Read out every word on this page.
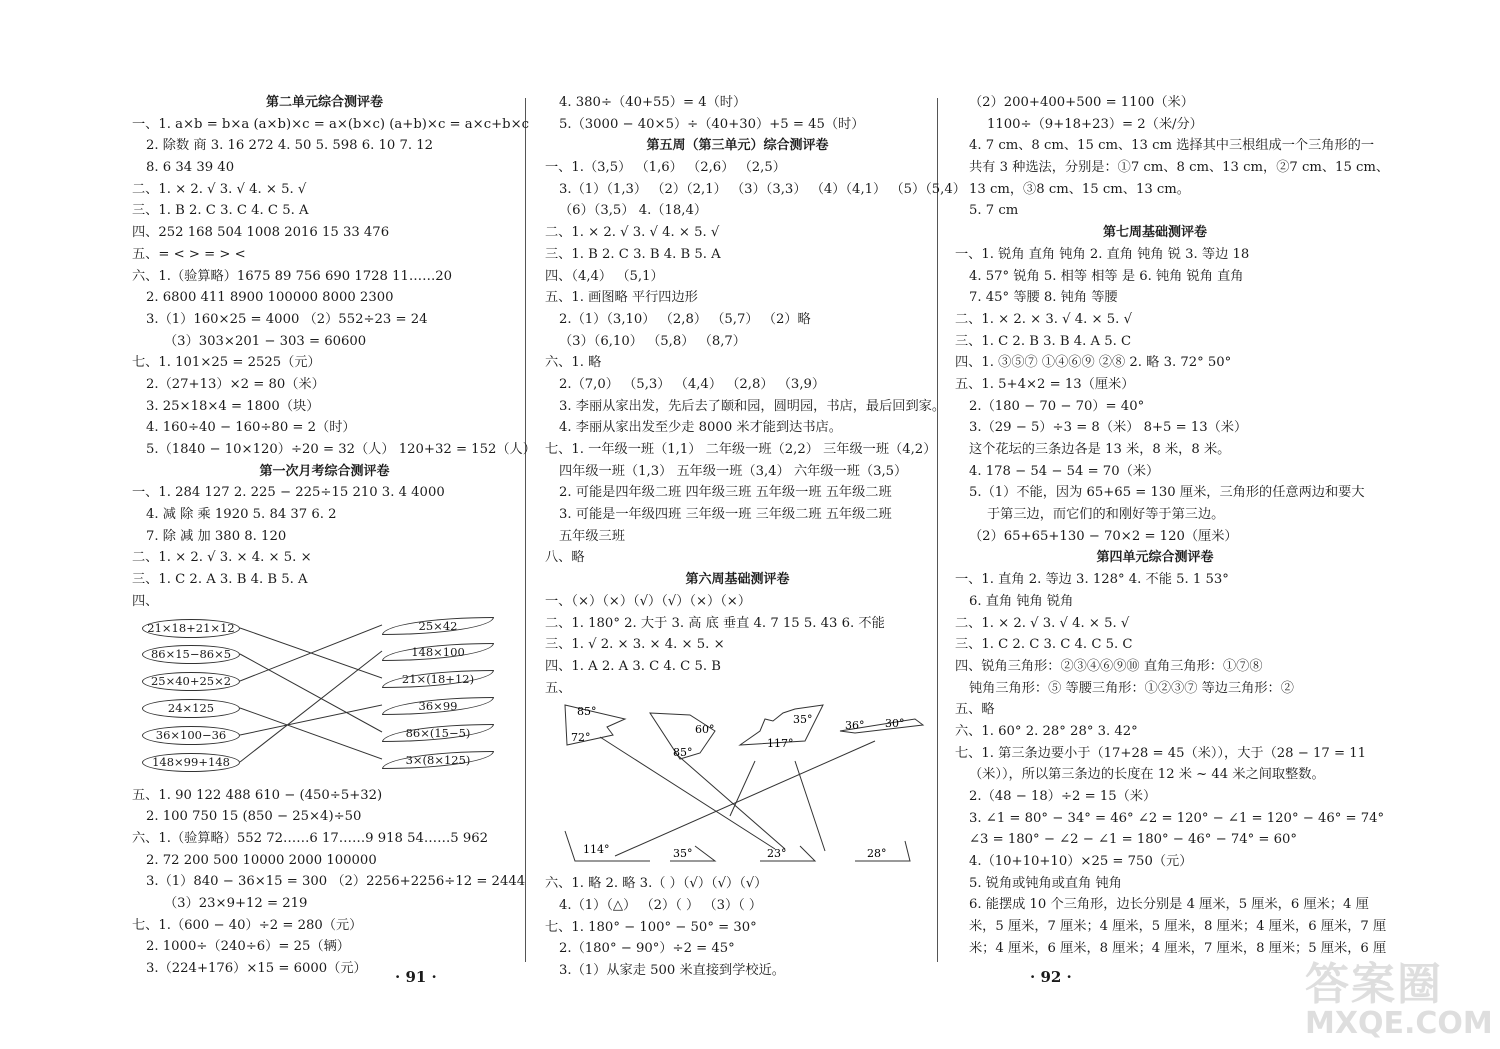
第二单元综合测评卷
一、1. a×b = b×a (a×b)×c = a×(b×c) (a+b)×c = a×c+b×c
2. 除数 商 3. 16 272 4. 50 5. 598 6. 10 7. 12
8. 6 34 39 40
二、1. × 2. √ 3. √ 4. × 5. √
三、1. B 2. C 3. C 4. C 5. A
四、252 168 504 1008 2016 15 33 476
五、= < > = > <
六、1.（验算略）1675 89 756 690 1728 11……20
2. 6800 411 8900 100000 8000 2300
3.（1）160×25 = 4000 （2）552÷23 = 24
（3）303×201 − 303 = 60600
七、1. 101×25 = 2525（元）
2.（27+13）×2 = 80（米）
3. 25×18×4 = 1800（块）
4. 160÷40 − 160÷80 = 2（时）
5.（1840 − 10×120）÷20 = 32（人） 120+32 = 152（人）
第一次月考综合测评卷
一、1. 284 127 2. 225 − 225÷15 210 3. 4 4000
4. 减 除 乘 1920 5. 84 37 6. 2
7. 除 减 加 380 8. 120
二、1. × 2. √ 3. × 4. × 5. ×
三、1. C 2. A 3. B 4. B 5. A
四、
21×18+21×12
86×15−86×5
25×40+25×2
24×125
36×100−36
148×99+148
25×42
148×100
21×(18+12)
36×99
86×(15−5)
3×(8×125)
五、1. 90 122 488 610 − (450÷5+32)
2. 100 750 15 (850 − 25×4)÷50
六、1.（验算略）552 72……6 17……9 918 54……5 962
2. 72 200 500 10000 2000 100000
3.（1）840 − 36×15 = 300 （2）2256+2256÷12 = 2444
（3）23×9+12 = 219
七、1.（600 − 40）÷2 = 280（元）
2. 1000÷（240÷6）= 25（辆）
3.（224+176）×15 = 6000（元）
4. 380÷（40+55）= 4（时）
5.（3000 − 40×5）÷（40+30）+5 = 45（时）
第五周（第三单元）综合测评卷
一、1.（3,5） （1,6） （2,6） （2,5）
3.（1）（1,3） （2）（2,1） （3）（3,3） （4）（4,1） （5）（5,4）
（6）（3,5） 4.（18,4）
二、1. × 2. √ 3. √ 4. × 5. √
三、1. B 2. C 3. B 4. B 5. A
四、（4,4） （5,1）
五、1. 画图略 平行四边形
2.（1）（3,10） （2,8） （5,7） （2）略
（3）（6,10） （5,8） （8,7）
六、1. 略
2.（7,0） （5,3） （4,4） （2,8） （3,9）
3. 李丽从家出发，先后去了颐和园，圆明园，书店，最后回到家。
4. 李丽从家出发至少走 8000 米才能到达书店。
七、1. 一年级一班（1,1） 二年级一班（2,2） 三年级一班（4,2）
四年级一班（1,3） 五年级一班（3,4） 六年级一班（3,5）
2. 可能是四年级二班 四年级三班 五年级一班 五年级二班
3. 可能是一年级四班 三年级一班 三年级二班 五年级二班
五年级三班
八、略
第六周基础测评卷
一、（×）（×）（√）（√）（×）（×）
二、1. 180° 2. 大于 3. 高 底 垂直 4. 7 15 5. 43 6. 不能
三、1. √ 2. × 3. × 4. × 5. ×
四、1. A 2. A 3. C 4. C 5. B
五、
85°
72°
60°
85°
35°
117°
36° 30°
114°	35°	23°	28°
六、1. 略 2. 略 3.（ ）（√）（√）（√）
4.（1）（△） （2）（ ） （3）（ ）
七、1. 180° − 100° − 50° = 30°
2.（180° − 90°）÷2 = 45°
3.（1）从家走 500 米直接到学校近。
（2）200+400+500 = 1100（米）
1100÷（9+18+23）= 2（米/分）
4. 7 cm、8 cm、15 cm、13 cm 选择其中三根组成一个三角形的一
共有 3 种选法，分别是：①7 cm、8 cm、13 cm，②7 cm、15 cm、
13 cm，③8 cm、15 cm、13 cm。
5. 7 cm
第七周基础测评卷
一、1. 锐角 直角 钝角 2. 直角 钝角 锐 3. 等边 18
4. 57° 锐角 5. 相等 相等 是 6. 钝角 锐角 直角
7. 45° 等腰 8. 钝角 等腰
二、1. × 2. × 3. √ 4. × 5. √
三、1. C 2. B 3. B 4. A 5. C
四、1. ③⑤⑦ ①④⑥⑨ ②⑧ 2. 略 3. 72° 50°
五、1. 5+4×2 = 13（厘米）
2.（180 − 70 − 70）= 40°
3.（29 − 5）÷3 = 8（米） 8+5 = 13（米）
这个花坛的三条边各是 13 米，8 米，8 米。
4. 178 − 54 − 54 = 70（米）
5.（1）不能，因为 65+65 = 130 厘米，三角形的任意两边和要大
于第三边，而它们的和刚好等于第三边。
（2）65+65+130 − 70×2 = 120（厘米）
第四单元综合测评卷
一、1. 直角 2. 等边 3. 128° 4. 不能 5. 1 53°
6. 直角 钝角 锐角
二、1. × 2. √ 3. √ 4. × 5. √
三、1. C 2. C 3. C 4. C 5. C
四、锐角三角形：②③④⑥⑨⑩ 直角三角形：①⑦⑧
钝角三角形：⑤ 等腰三角形：①②③⑦ 等边三角形：②
五、略
六、1. 60° 2. 28° 28° 3. 42°
七、1. 第三条边要小于（17+28 = 45（米）），大于（28 − 17 = 11
（米）），所以第三条边的长度在 12 米 ~ 44 米之间取整数。
2.（48 − 18）÷2 = 15（米）
3. ∠1 = 80° − 34° = 46° ∠2 = 120° − ∠1 = 120° − 46° = 74°
∠3 = 180° − ∠2 − ∠1 = 180° − 46° − 74° = 60°
4.（10+10+10）×25 = 750（元）
5. 锐角或钝角或直角 钝角
6. 能摆成 10 个三角形，边长分别是 4 厘米，5 厘米，6 厘米；4 厘
米，5 厘米，7 厘米；4 厘米，5 厘米，8 厘米；4 厘米，6 厘米，7 厘
米；4 厘米，6 厘米，8 厘米；4 厘米，7 厘米，8 厘米；5 厘米，6 厘
· 91 ·	· 92 ·	答案圈
MXQE.COM
